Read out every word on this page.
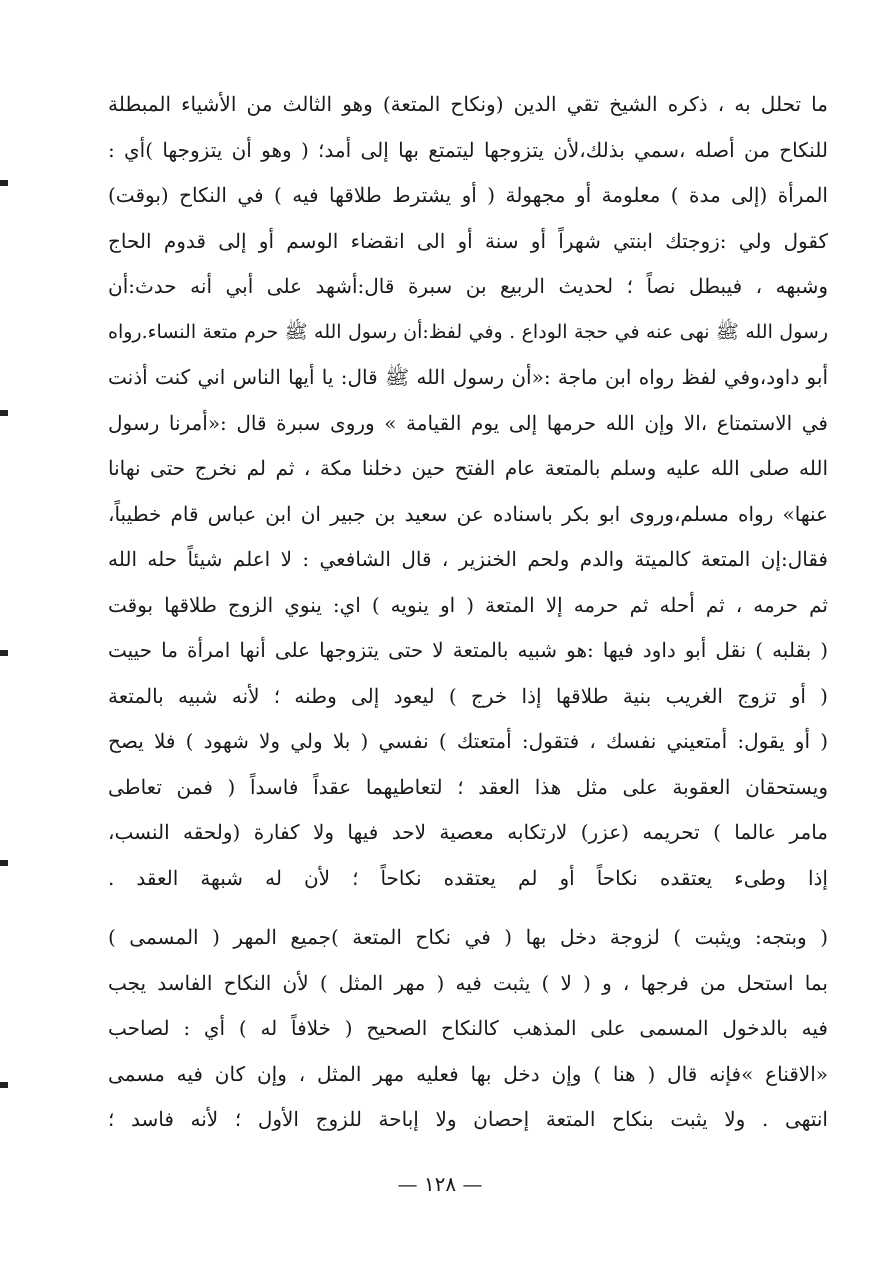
ما تحلل به ، ذكره الشيخ تقي الدين (ونكاح المتعة) وهو الثالث من الأشياء المبطلة
للنكاح من أصله ،سمي بذلك،لأن يتزوجها ليتمتع بها إلى أمد؛ ( وهو أن يتزوجها )أي :
المرأة (إلى مدة ) معلومة أو مجهولة ( أو يشترط طلاقها فيه ) في النكاح (بوقت)
كقول ولي :زوجتك ابنتي شهراً أو سنة أو الى انقضاء الوسم أو إلى قدوم الحاج
وشبهه ، فيبطل نصاً ؛ لحديث الربيع بن سبرة قال:أشهد على أبي أنه حدث:أن
رسول الله ﷺ نهى عنه في حجة الوداع . وفي لفظ:أن رسول الله ﷺ حرم متعة النساء.رواه
أبو داود،وفي لفظ رواه ابن ماجة :«أن رسول الله ﷺ قال: يا أيها الناس اني كنت أذنت
في الاستمتاع ،الا وإن الله حرمها إلى يوم القيامة » وروى سبرة قال :«أمرنا رسول
الله صلى الله عليه وسلم بالمتعة عام الفتح حين دخلنا مكة ، ثم لم نخرج حتى نهانا
عنها» رواه مسلم،وروى ابو بكر باسناده عن سعيد بن جبير ان ابن عباس قام خطيباً،
فقال:إن المتعة كالميتة والدم ولحم الخنزير ، قال الشافعي : لا اعلم شيئاً حله الله
ثم حرمه ، ثم أحله ثم حرمه إلا المتعة ( او ينويه ) اي: ينوي الزوج طلاقها بوقت
( بقلبه ) نقل أبو داود فيها :هو شبيه بالمتعة لا حتى يتزوجها على أنها امرأة ما حييت
( أو تزوج الغريب بنية طلاقها إذا خرج ) ليعود إلى وطنه ؛ لأنه شبيه بالمتعة
( أو يقول: أمتعيني نفسك ، فتقول: أمتعتك ) نفسي ( بلا ولي ولا شهود ) فلا يصح
ويستحقان العقوبة على مثل هذا العقد ؛ لتعاطيهما عقداً فاسداً ( فمن تعاطى
مامر عالما ) تحريمه (عزر) لارتكابه معصية لاحد فيها ولا كفارة (ولحقه النسب،
إذا وطىء يعتقده نكاحاً أو لم يعتقده نكاحاً ؛ لأن له شبهة العقد .
( وبتجه: ويثبت ) لزوجة دخل بها ( في نكاح المتعة )جميع المهر ( المسمى )
بما استحل من فرجها ، و ( لا ) يثبت فيه ( مهر المثل ) لأن النكاح الفاسد يجب
فيه بالدخول المسمى على المذهب كالنكاح الصحيح ( خلافاً له ) أي : لصاحب
«الاقناع »فإنه قال ( هنا ) وإن دخل بها فعليه مهر المثل ، وإن كان فيه مسمى
انتهى . ولا يثبت بنكاح المتعة إحصان ولا إباحة للزوج الأول ؛ لأنه فاسد ؛
— ١٢٨ —
